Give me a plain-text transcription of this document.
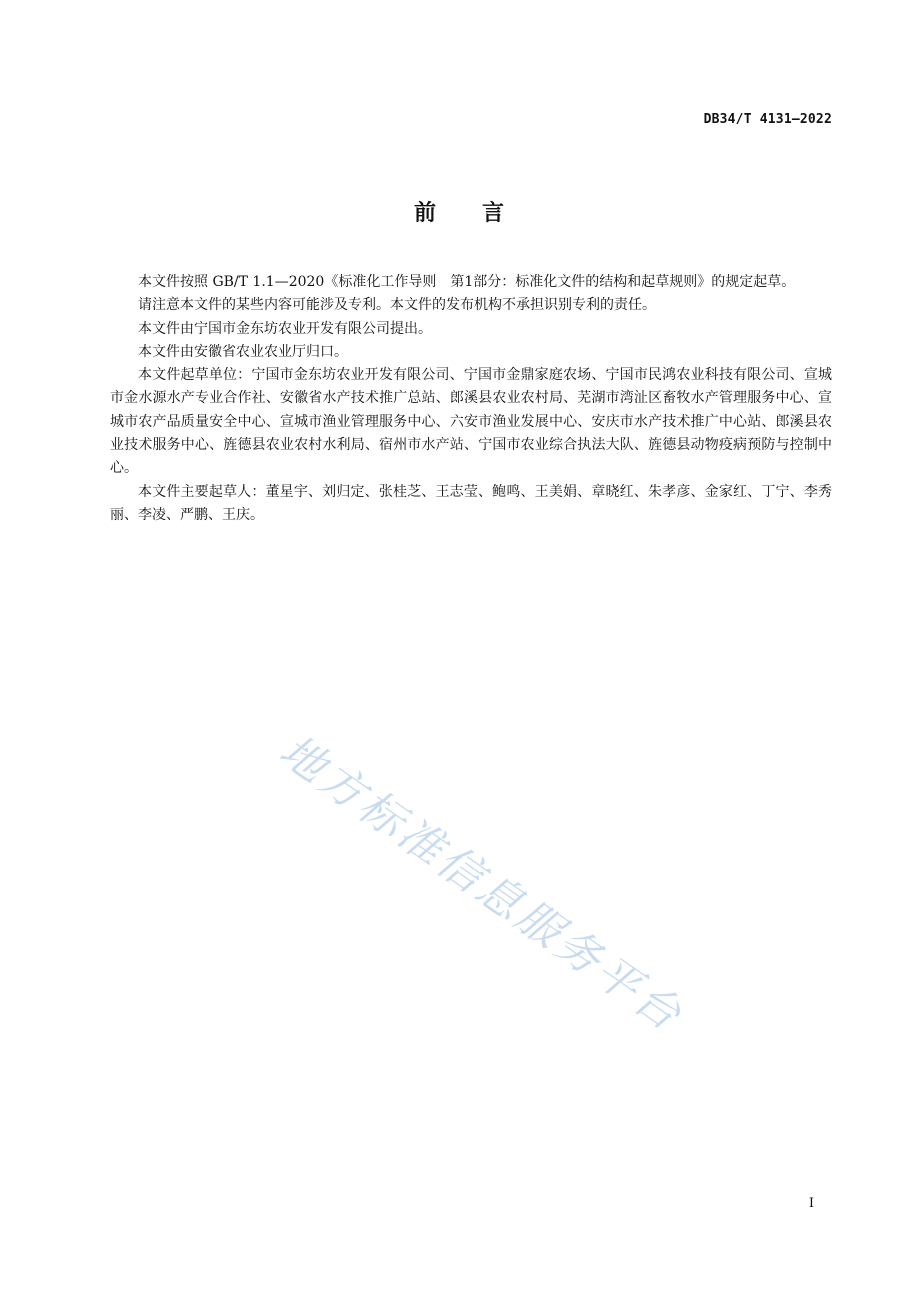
DB34/T 4131—2022
前 言

本文件按照 GB/T 1.1—2020《标准化工作导则　第1部分：标准化文件的结构和起草规则》的规定起草。

请注意本文件的某些内容可能涉及专利。本文件的发布机构不承担识别专利的责任。

本文件由宁国市金东坊农业开发有限公司提出。

本文件由安徽省农业农业厅归口。

本文件起草单位：宁国市金东坊农业开发有限公司、宁国市金鼎家庭农场、宁国市民鸿农业科技有限公司、宣城市金水源水产专业合作社、安徽省水产技术推广总站、郎溪县农业农村局、芜湖市湾沚区畜牧水产管理服务中心、宣城市农产品质量安全中心、宣城市渔业管理服务中心、六安市渔业发展中心、安庆市水产技术推广中心站、郎溪县农业技术服务中心、旌德县农业农村水利局、宿州市水产站、宁国市农业综合执法大队、旌德县动物疫病预防与控制中心。

本文件主要起草人：董星宇、刘归定、张桂芝、王志莹、鲍鸣、王美娟、章晓红、朱孝彦、金家红、丁宁、李秀丽、李凌、严鹏、王庆。

地方标准信息服务平台
I
